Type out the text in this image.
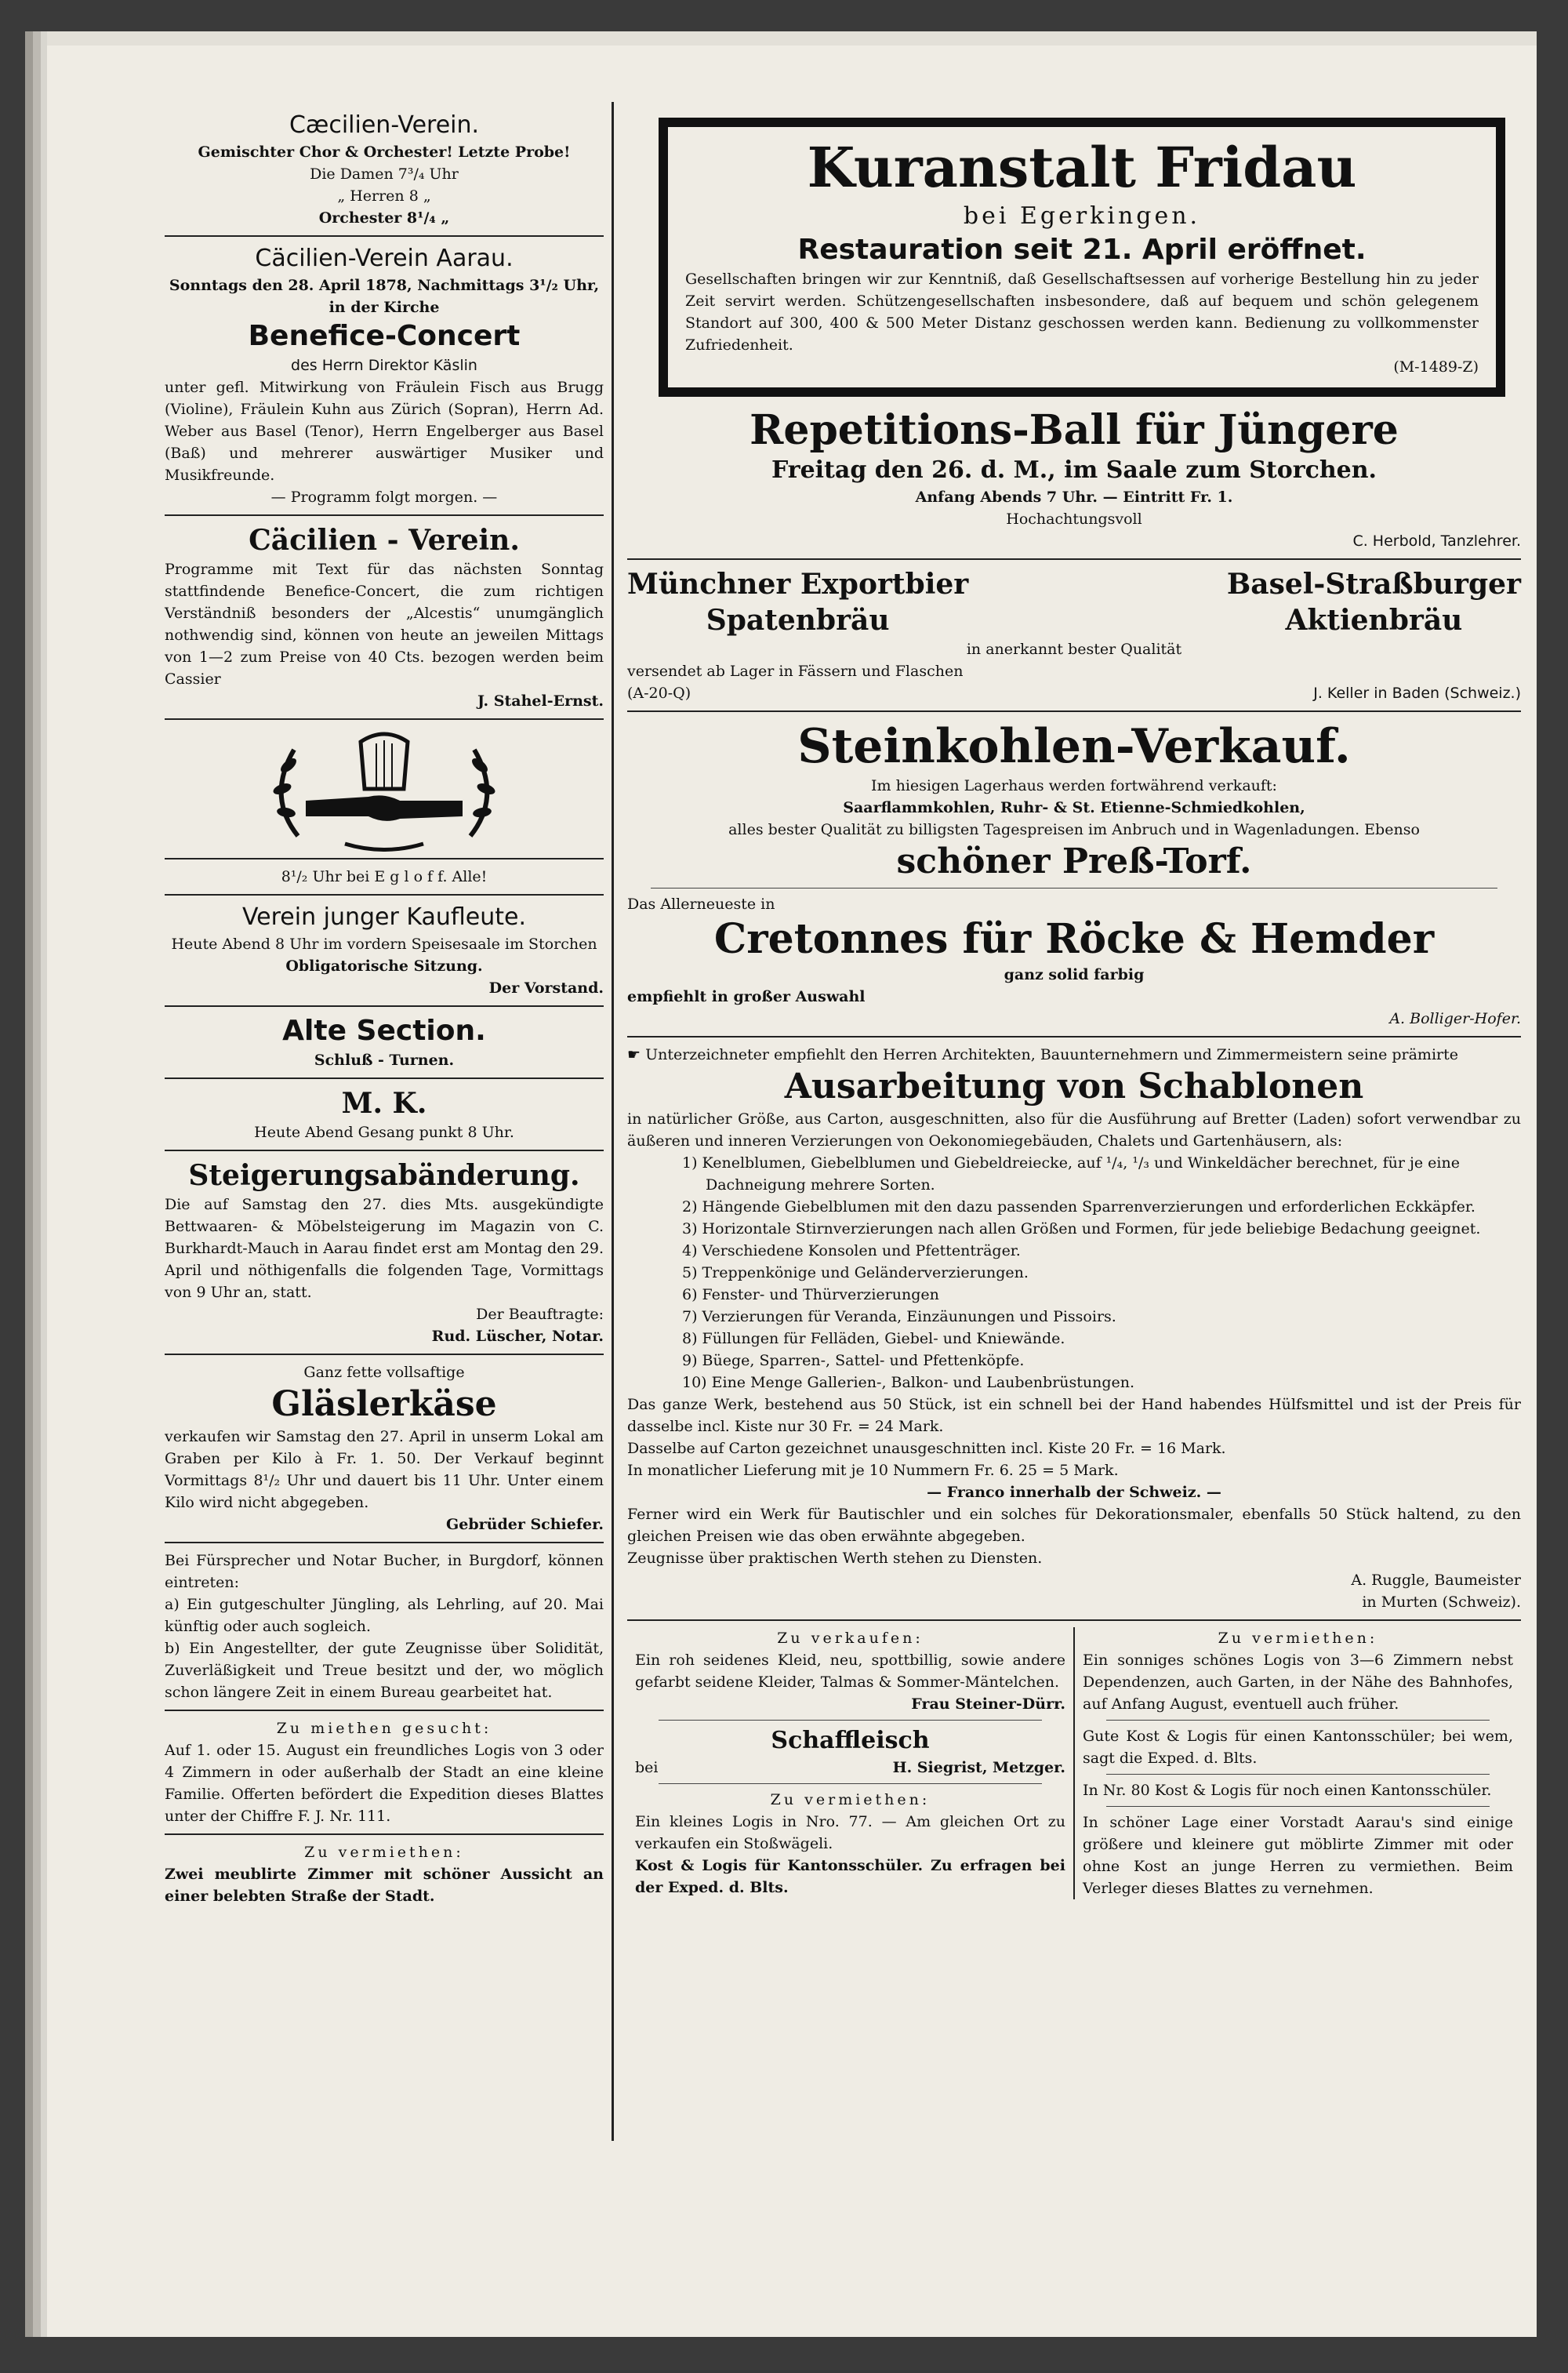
Cæcilien-Verein.
Gemischter Chor & Orchester! Letzte Probe!
Die Damen 7³/₄ Uhr
„ Herren 8 „
Orchester 8¹/₄ „
Cäcilien-Verein Aarau.
Sonntags den 28. April 1878, Nachmittags 3¹/₂ Uhr, in der Kirche
Benefice-Concert
des Herrn Direktor Käslin
unter gefl. Mitwirkung von Fräulein Fisch aus Brugg (Violine), Fräulein Kuhn aus Zürich (Sopran), Herrn Ad. Weber aus Basel (Tenor), Herrn Engelberger aus Basel (Baß) und mehrerer auswärtiger Musiker und Musikfreunde.
— Programm folgt morgen. —
Cäcilien - Verein.
Programme mit Text für das nächsten Sonntag stattfindende Benefice-Concert, die zum richtigen Verständniß besonders der „Alcestis“ unumgänglich nothwendig sind, können von heute an jeweilen Mittags von 1—2 zum Preise von 40 Cts. bezogen werden beim Cassier
J. Stahel-Ernst.
8¹/₂ Uhr bei E g l o f f. Alle!
Verein junger Kaufleute.
Heute Abend 8 Uhr im vordern Speisesaale im Storchen
Obligatorische Sitzung.
Der Vorstand.
Alte Section.
Schluß - Turnen.
M. K.
Heute Abend Gesang punkt 8 Uhr.
Steigerungsabänderung.
Die auf Samstag den 27. dies Mts. ausgekündigte Bettwaaren- & Möbelsteigerung im Magazin von C. Burkhardt-Mauch in Aarau findet erst am Montag den 29. April und nöthigenfalls die folgenden Tage, Vormittags von 9 Uhr an, statt.
Der Beauftragte:
Rud. Lüscher, Notar.
Ganz fette vollsaftige
Gläslerkäse
verkaufen wir Samstag den 27. April in unserm Lokal am Graben per Kilo à Fr. 1. 50. Der Verkauf beginnt Vormittags 8¹/₂ Uhr und dauert bis 11 Uhr. Unter einem Kilo wird nicht abgegeben.
Gebrüder Schiefer.
Bei Fürsprecher und Notar Bucher, in Burgdorf, können eintreten:
a) Ein gutgeschulter Jüngling, als Lehrling, auf 20. Mai künftig oder auch sogleich.
b) Ein Angestellter, der gute Zeugnisse über Solidität, Zuverläßigkeit und Treue besitzt und der, wo möglich schon längere Zeit in einem Bureau gearbeitet hat.
Zu miethen gesucht:
Auf 1. oder 15. August ein freundliches Logis von 3 oder 4 Zimmern in oder außerhalb der Stadt an eine kleine Familie. Offerten befördert die Expedition dieses Blattes unter der Chiffre F. J. Nr. 111.
Zu vermiethen:
Zwei meublirte Zimmer mit schöner Aussicht an einer belebten Straße der Stadt.
Kuranstalt Fridau
bei Egerkingen.
Restauration seit 21. April eröffnet.
Gesellschaften bringen wir zur Kenntniß, daß Gesellschaftsessen auf vorherige Bestellung hin zu jeder Zeit servirt werden. Schützengesellschaften insbesondere, daß auf bequem und schön gelegenem Standort auf 300, 400 & 500 Meter Distanz geschossen werden kann. Bedienung zu vollkommenster Zufriedenheit.
(M-1489-Z)
Repetitions-Ball für Jüngere
Freitag den 26. d. M., im Saale zum Storchen.
Anfang Abends 7 Uhr. — Eintritt Fr. 1.
Hochachtungsvoll
C. Herbold, Tanzlehrer.
Münchner Exportbier
Spatenbräu
Basel-Straßburger
Aktienbräu
in anerkannt bester Qualität
versendet ab Lager in Fässern und Flaschen
(A-20-Q)	J. Keller in Baden (Schweiz.)
Steinkohlen-Verkauf.
Im hiesigen Lagerhaus werden fortwährend verkauft:
Saarflammkohlen, Ruhr- & St. Etienne-Schmiedkohlen,
alles bester Qualität zu billigsten Tagespreisen im Anbruch und in Wagenladungen. Ebenso
schöner Preß-Torf.
Das Allerneueste in
Cretonnes für Röcke & Hemder
ganz solid farbig
empfiehlt in großer Auswahl
A. Bolliger-Hofer.
☛ Unterzeichneter empfiehlt den Herren Architekten, Bauunternehmern und Zimmermeistern seine prämirte
Ausarbeitung von Schablonen
in natürlicher Größe, aus Carton, ausgeschnitten, also für die Ausführung auf Bretter (Laden) sofort verwendbar zu äußeren und inneren Verzierungen von Oekonomiegebäuden, Chalets und Gartenhäusern, als:
1) Kenelblumen, Giebelblumen und Giebeldreiecke, auf ¹/₄, ¹/₃ und Winkeldächer berechnet, für je eine Dachneigung mehrere Sorten.
2) Hängende Giebelblumen mit den dazu passenden Sparrenverzierungen und erforderlichen Eckkäpfer.
3) Horizontale Stirnverzierungen nach allen Größen und Formen, für jede beliebige Bedachung geeignet.
4) Verschiedene Konsolen und Pfettenträger.
5) Treppenkönige und Geländerverzierungen.
6) Fenster- und Thürverzierungen
7) Verzierungen für Veranda, Einzäunungen und Pissoirs.
8) Füllungen für Felläden, Giebel- und Kniewände.
9) Büege, Sparren-, Sattel- und Pfettenköpfe.
10) Eine Menge Gallerien-, Balkon- und Laubenbrüstungen.
Das ganze Werk, bestehend aus 50 Stück, ist ein schnell bei der Hand habendes Hülfsmittel und ist der Preis für dasselbe incl. Kiste nur 30 Fr. = 24 Mark.
Dasselbe auf Carton gezeichnet unausgeschnitten incl. Kiste 20 Fr. = 16 Mark.
In monatlicher Lieferung mit je 10 Nummern Fr. 6. 25 = 5 Mark.
— Franco innerhalb der Schweiz. —
Ferner wird ein Werk für Bautischler und ein solches für Dekorationsmaler, ebenfalls 50 Stück haltend, zu den gleichen Preisen wie das oben erwähnte abgegeben.
Zeugnisse über praktischen Werth stehen zu Diensten.
A. Ruggle, Baumeister
in Murten (Schweiz).
Zu verkaufen:
Ein roh seidenes Kleid, neu, spottbillig, sowie andere gefarbt seidene Kleider, Talmas & Sommer-Mäntelchen.
Frau Steiner-Dürr.
Schaffleisch
bei	H. Siegrist, Metzger.
Zu vermiethen:
Ein kleines Logis in Nro. 77. — Am gleichen Ort zu verkaufen ein Stoßwägeli.
Kost & Logis für Kantonsschüler. Zu erfragen bei der Exped. d. Blts.
Zu vermiethen:
Ein sonniges schönes Logis von 3—6 Zimmern nebst Dependenzen, auch Garten, in der Nähe des Bahnhofes, auf Anfang August, eventuell auch früher.
Gute Kost & Logis für einen Kantonsschüler; bei wem, sagt die Exped. d. Blts.
In Nr. 80 Kost & Logis für noch einen Kantonsschüler.
In schöner Lage einer Vorstadt Aarau's sind einige größere und kleinere gut möblirte Zimmer mit oder ohne Kost an junge Herren zu vermiethen. Beim Verleger dieses Blattes zu vernehmen.
